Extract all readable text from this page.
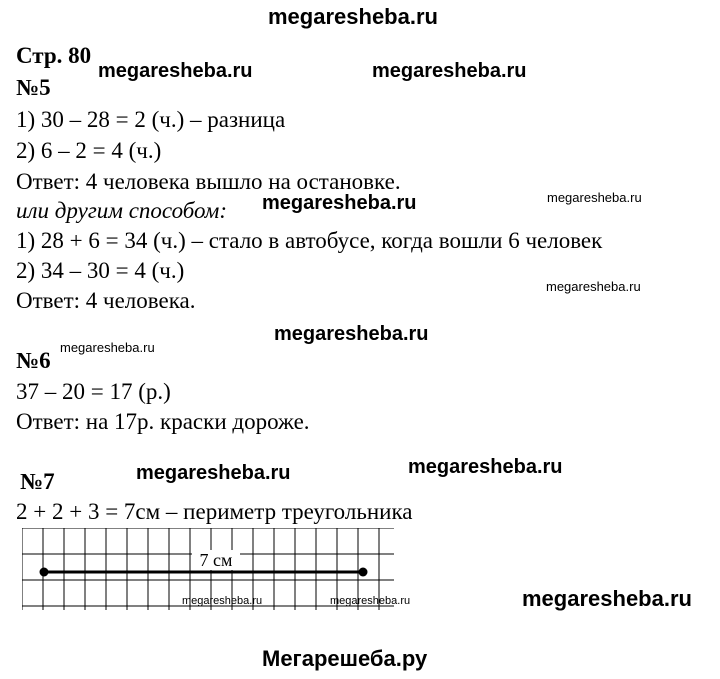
megaresheba.ru
megaresheba.ru	megaresheba.ru
megaresheba.ru
megaresheba.ru
megaresheba.ru
megaresheba.ru
megaresheba.ru
megaresheba.ru	megaresheba.ru
megaresheba.ru	megaresheba.ru	megaresheba.ru
Мегарешеба.ру
Стр. 80
№5
1) 30 – 28 = 2 (ч.) – разница
2) 6 – 2 = 4 (ч.)
Ответ: 4 человека вышло на остановке.
или другим способом:
1) 28 + 6 = 34 (ч.) – стало в автобусе, когда вошли 6 человек
2) 34 – 30 = 4 (ч.)
Ответ: 4 человека.
№6
37 – 20 = 17 (р.)
Ответ: на 17р. краски дороже.
№7
2 + 2 + 3 = 7см – периметр треугольника
7 см
